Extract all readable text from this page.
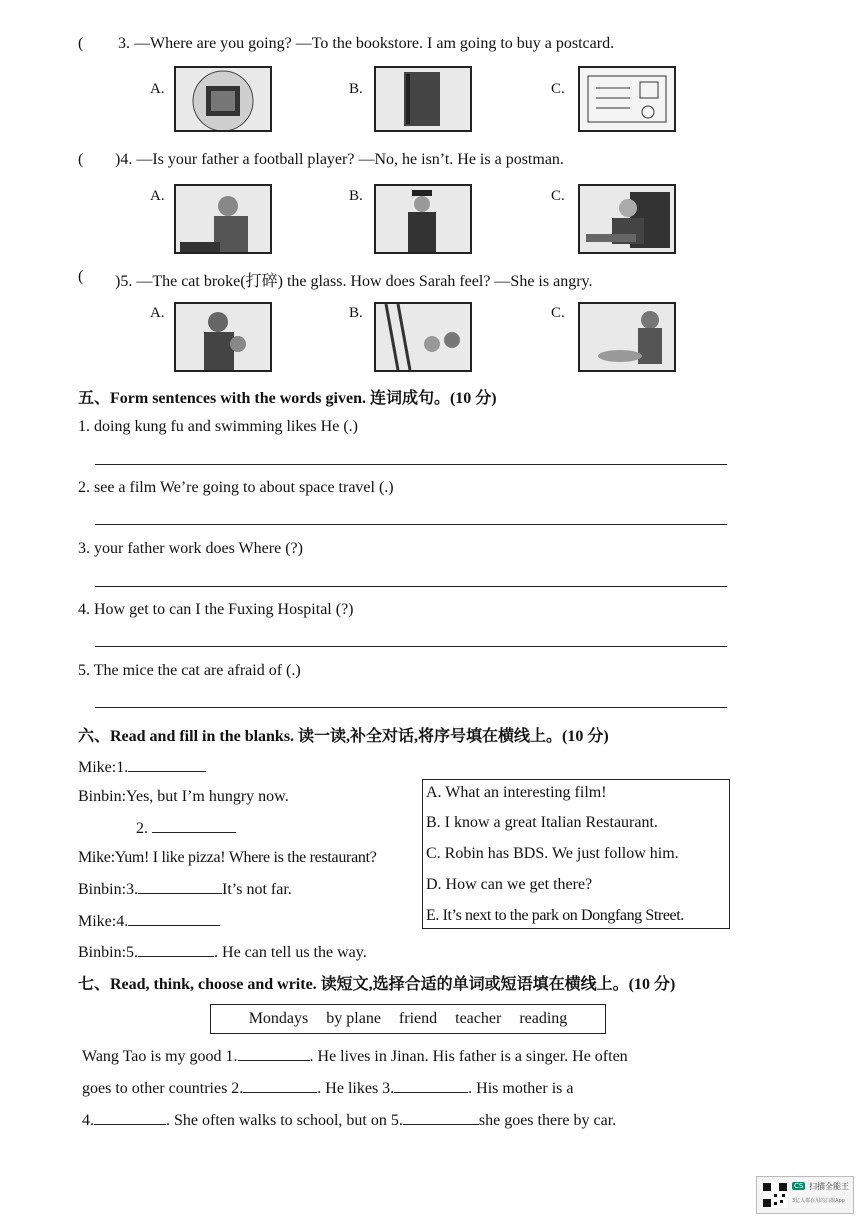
( 3. —Where are you going? —To the bookstore. I am going to buy a postcard.
A.	B.	C.
( )4. —Is your father a football player? —No, he isn’t. He is a postman.
A.	B.	C.
( )5. —The cat broke(打碎) the glass. How does Sarah feel? —She is angry.
A.	B.	C.
五、Form sentences with the words given. 连词成句。(10 分)
1. doing kung fu and swimming likes He (.)
2. see a film We’re going to about space travel (.)
3. your father work does Where (?)
4. How get to can I the Fuxing Hospital (?)
5. The mice the cat are afraid of (.)
六、Read and fill in the blanks. 读一读,补全对话,将序号填在横线上。(10 分)
Mike:1.
Binbin:Yes, but I’m hungry now.
2.
Mike:Yum! I like pizza! Where is the restaurant?
Binbin:3.	It’s not far.
Mike:4.
Binbin:5.	. He can tell us the way.
A. What an interesting film!
B. I know a great Italian Restaurant.
C. Robin has BDS. We just follow him.
D. How can we get there?
E. It’s next to the park on Dongfang Street.
七、Read, think, choose and write. 读短文,选择合适的单词或短语填在横线上。(10 分)
Mondays by plane friend teacher reading
Wang Tao is my good 1.	. He lives in Jinan. His father is a singer. He often
goes to other countries 2.	. He likes 3.	. His mother is a
4.	. She often walks to school, but on 5.	she goes there by car.
CS 扫描全能王
3亿人都在用的扫描App
